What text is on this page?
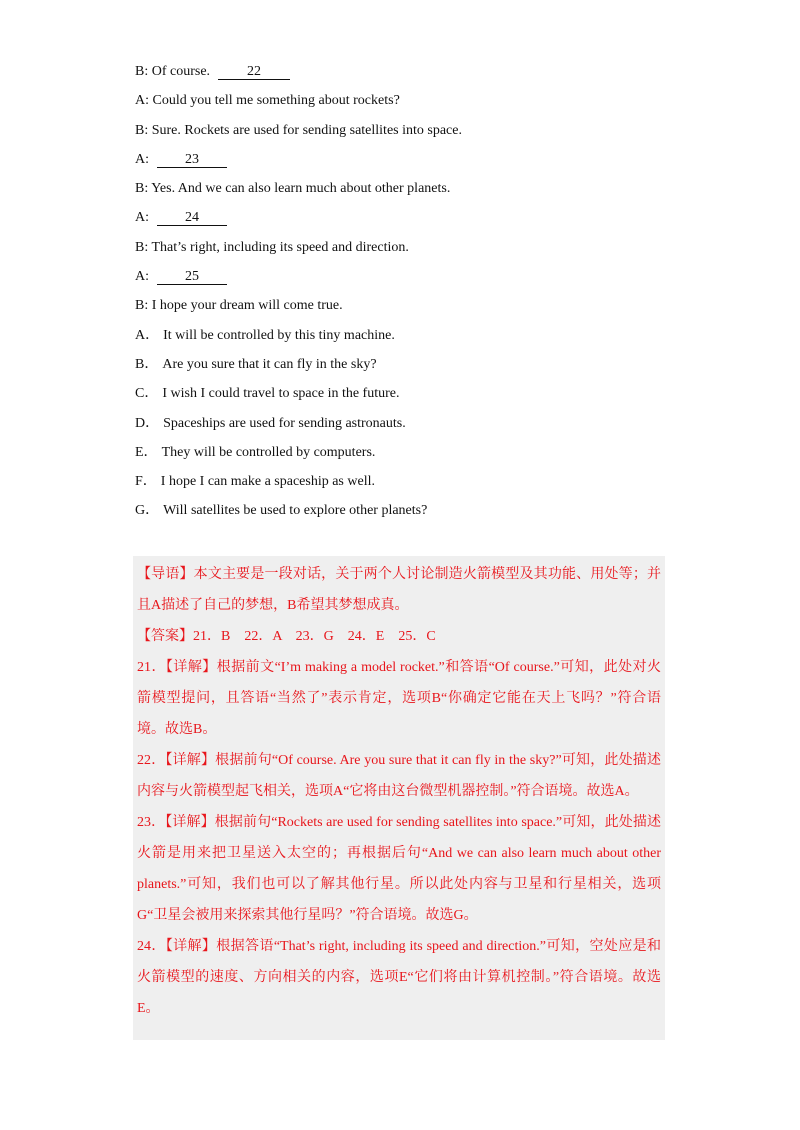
B: Of course.	22
A: Could you tell me something about rockets?
B: Sure. Rockets are used for sending satellites into space.
A:	23
B: Yes. And we can also learn much about other planets.
A:	24
B: That’s right, including its speed and direction.
A:	25
B: I hope your dream will come true.
A． It will be controlled by this tiny machine.
B． Are you sure that it can fly in the sky?
C． I wish I could travel to space in the future.
D． Spaceships are used for sending astronauts.
E． They will be controlled by computers.
F． I hope I can make a spaceship as well.
G． Will satellites be used to explore other planets?

【导语】本文主要是一段对话，关于两个人讨论制造火箭模型及其功能、用处等；并且A描述了自己的梦想，B希望其梦想成真。

【答案】21．B　22．A　23．G　24．E　25．C

21．【详解】根据前文“I’m making a model rocket.”和答语“Of course.”可知，此处对火箭模型提问，且答语“当然了”表示肯定，选项B“你确定它能在天上飞吗？”符合语境。故选B。

22．【详解】根据前句“Of course. Are you sure that it can fly in the sky?”可知，此处描述内容与火箭模型起飞相关，选项A“它将由这台微型机器控制。”符合语境。故选A。

23．【详解】根据前句“Rockets are used for sending satellites into space.”可知，此处描述火箭是用来把卫星送入太空的；再根据后句“And we can also learn much about other planets.”可知，我们也可以了解其他行星。所以此处内容与卫星和行星相关，选项G“卫星会被用来探索其他行星吗？”符合语境。故选G。

24．【详解】根据答语“That’s right, including its speed and direction.”可知，空处应是和火箭模型的速度、方向相关的内容，选项E“它们将由计算机控制。”符合语境。故选E。
